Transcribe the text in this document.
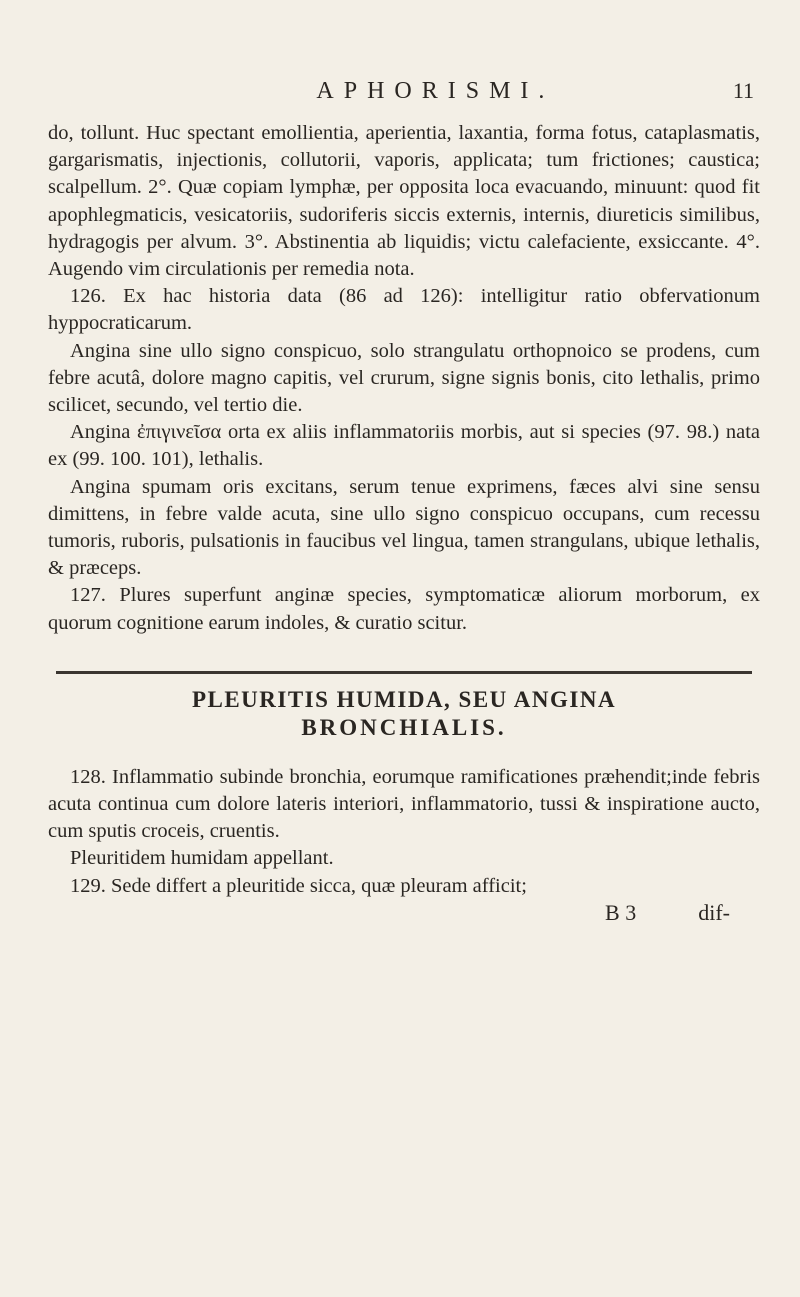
APHORISMI.	11

do, tollunt. Huc spectant emollientia, aperientia, laxantia, forma fotus, cataplasmatis, gargarismatis, injectionis, collutorii, vaporis, applicata; tum frictiones; caustica; scalpellum. 2°. Quæ copiam lymphæ, per opposita loca evacuando, minuunt: quod fit apophlegmaticis, vesicatoriis, sudoriferis siccis externis, internis, diureticis similibus, hydragogis per alvum. 3°. Abstinentia ab liquidis; victu calefaciente, exsiccante. 4°. Augendo vim circulationis per remedia nota.

126. Ex hac historia data (86 ad 126): intelligitur ratio obfervationum hyppocraticarum.

Angina sine ullo signo conspicuo, solo strangulatu orthopnoico se prodens, cum febre acutâ, dolore magno capitis, vel crurum, signe signis bonis, cito lethalis, primo scilicet, secundo, vel tertio die.

Angina ἐπιγινεῖσα orta ex aliis inflammatoriis morbis, aut si species (97. 98.) nata ex (99. 100. 101), lethalis.

Angina spumam oris excitans, serum tenue exprimens, fæces alvi sine sensu dimittens, in febre valde acuta, sine ullo signo conspicuo occupans, cum recessu tumoris, ruboris, pulsationis in faucibus vel lingua, tamen strangulans, ubique lethalis, & præceps.

127. Plures superfunt anginæ species, symptomaticæ aliorum morborum, ex quorum cognitione earum indoles, & curatio scitur.

PLEURITIS HUMIDA, SEU ANGINA
BRONCHIALIS.

128. Inflammatio subinde bronchia, eorumque ramificationes præhendit;inde febris acuta continua cum dolore lateris interiori, inflammatorio, tussi & inspiratione aucto, cum sputis croceis, cruentis.

Pleuritidem humidam appellant.

129. Sede differt a pleuritide sicca, quæ pleuram afficit;

B 3	dif-
